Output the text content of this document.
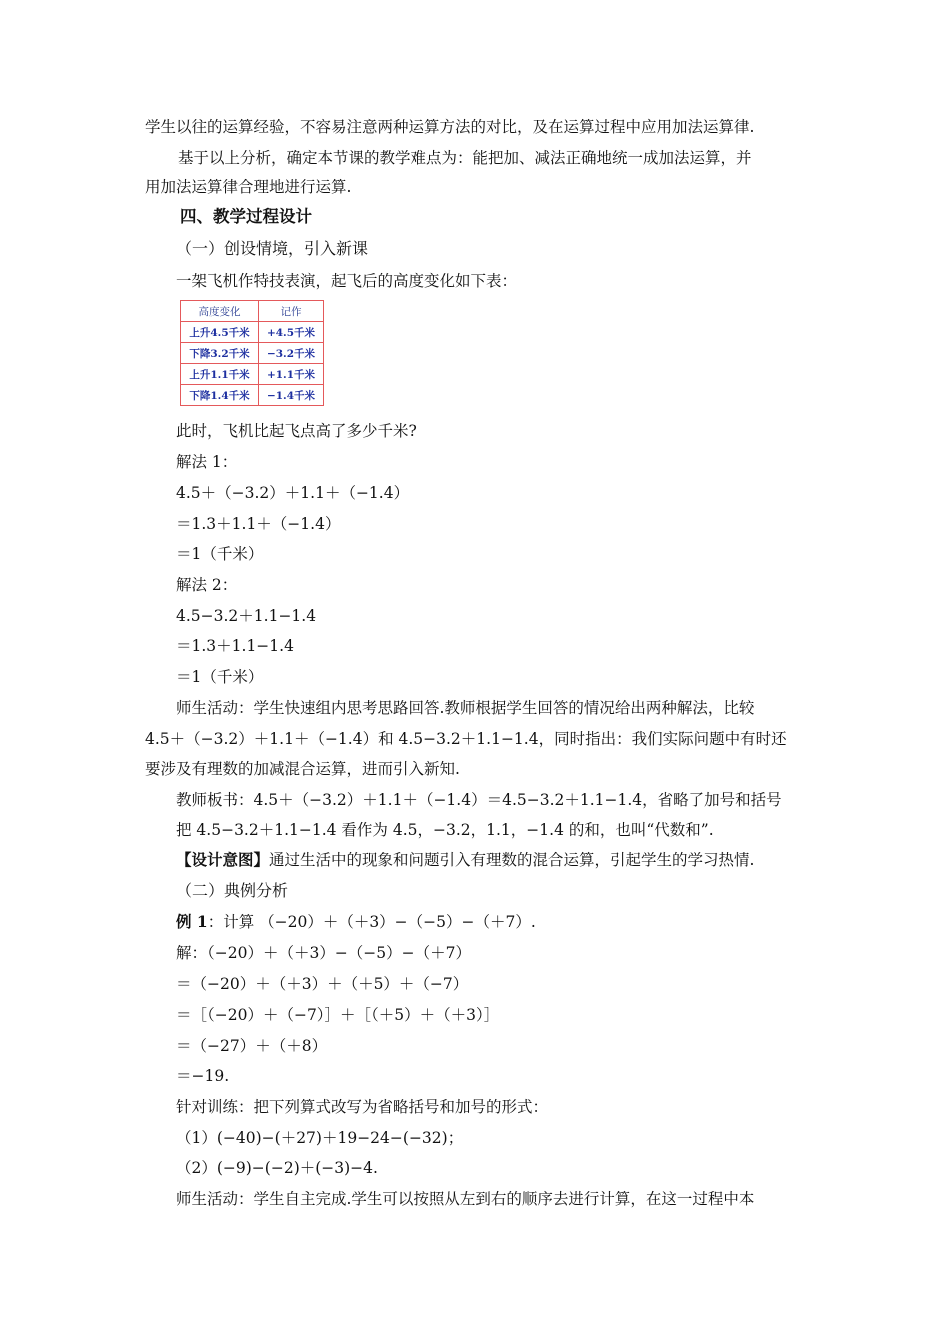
学生以往的运算经验，不容易注意两种运算方法的对比，及在运算过程中应用加法运算律.
基于以上分析，确定本节课的教学难点为：能把加、减法正确地统一成加法运算，并
用加法运算律合理地进行运算.
四、教学过程设计
（一）创设情境，引入新课
一架飞机作特技表演，起飞后的高度变化如下表：
高度变化	记作
上升4.5千米	+4.5千米
下降3.2千米	−3.2千米
上升1.1千米	+1.1千米
下降1.4千米	−1.4千米
此时，飞机比起飞点高了多少千米?
解法 1：
4.5＋（−3.2）＋1.1＋（−1.4）
＝1.3＋1.1＋（−1.4）
＝1（千米）
解法 2：
4.5−3.2＋1.1−1.4
＝1.3＋1.1−1.4
＝1（千米）
师生活动：学生快速组内思考思路回答.教师根据学生回答的情况给出两种解法，比较
4.5＋（−3.2）＋1.1＋（−1.4）和 4.5−3.2＋1.1−1.4，同时指出：我们实际问题中有时还
要涉及有理数的加减混合运算，进而引入新知.
教师板书：4.5＋（−3.2）＋1.1＋（−1.4）＝4.5−3.2＋1.1−1.4，省略了加号和括号
把 4.5−3.2＋1.1−1.4 看作为 4.5，−3.2，1.1，−1.4 的和，也叫“代数和”.
【设计意图】通过生活中的现象和问题引入有理数的混合运算，引起学生的学习热情.
（二）典例分析
例 1：计算 （−20）＋（＋3）−（−5）−（＋7）.
解：（−20）＋（＋3）−（−5）−（＋7）
＝（−20）＋（＋3）＋（＋5）＋（−7）
＝［（−20）＋（−7）］＋［（＋5）＋（＋3）］
＝（−27）＋（＋8）
＝−19.
针对训练：把下列算式改写为省略括号和加号的形式：
（1）(−40)−(＋27)＋19−24−(−32)；
（2）(−9)−(−2)＋(−3)−4.
师生活动：学生自主完成.学生可以按照从左到右的顺序去进行计算，在这一过程中本
